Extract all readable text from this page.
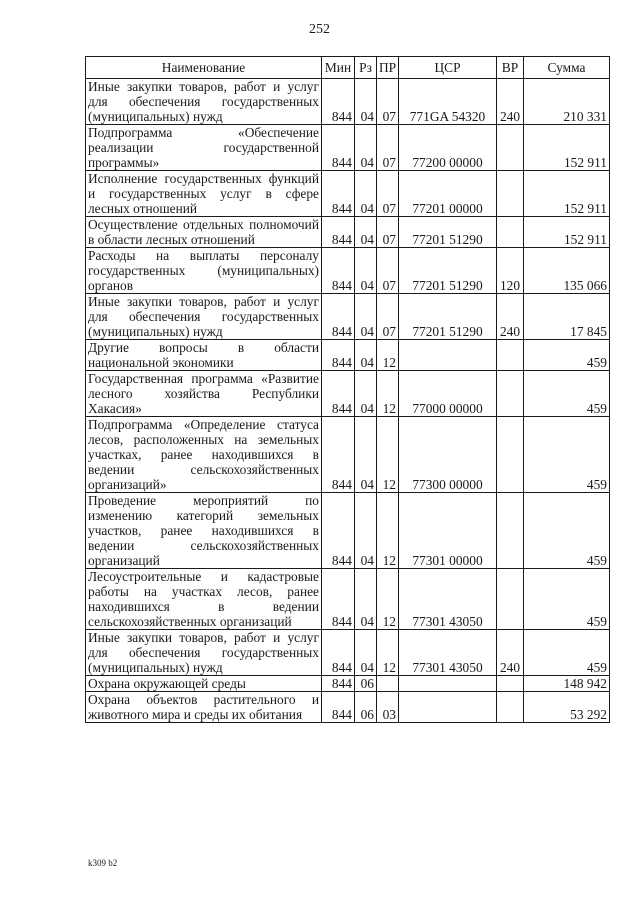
252
Наименование	Мин	Рз	ПР	ЦСР	ВР	Сумма
Иные закупки товаров, работ и услуг для обеспечения государственных (муниципальных) нужд	844	04	07	771GA 54320	240	210 331
Подпрограмма «Обеспечение реализации государственной программы»	844	04	07	77200 00000		152 911
Исполнение государственных функций и государственных услуг в сфере лесных отношений	844	04	07	77201 00000		152 911
Осуществление отдельных полномочий в области лесных отношений	844	04	07	77201 51290		152 911
Расходы на выплаты персоналу государственных (муниципальных) органов	844	04	07	77201 51290	120	135 066
Иные закупки товаров, работ и услуг для обеспечения государственных (муниципальных) нужд	844	04	07	77201 51290	240	17 845
Другие вопросы в области национальной экономики	844	04	12			459
Государственная программа «Развитие лесного хозяйства Республики Хакасия»	844	04	12	77000 00000		459
Подпрограмма «Определение статуса лесов, расположенных на земельных участках, ранее находившихся в ведении сельскохозяйственных организаций»	844	04	12	77300 00000		459
Проведение мероприятий по изменению категорий земельных участков, ранее находившихся в ведении сельскохозяйственных организаций	844	04	12	77301 00000		459
Лесоустроительные и кадастровые работы на участках лесов, ранее находившихся в ведении сельскохозяйственных организаций	844	04	12	77301 43050		459
Иные закупки товаров, работ и услуг для обеспечения государственных (муниципальных) нужд	844	04	12	77301 43050	240	459
Охрана окружающей среды	844	06				148 942
Охрана объектов растительного и животного мира и среды их обитания	844	06	03			53 292
k309 b2
